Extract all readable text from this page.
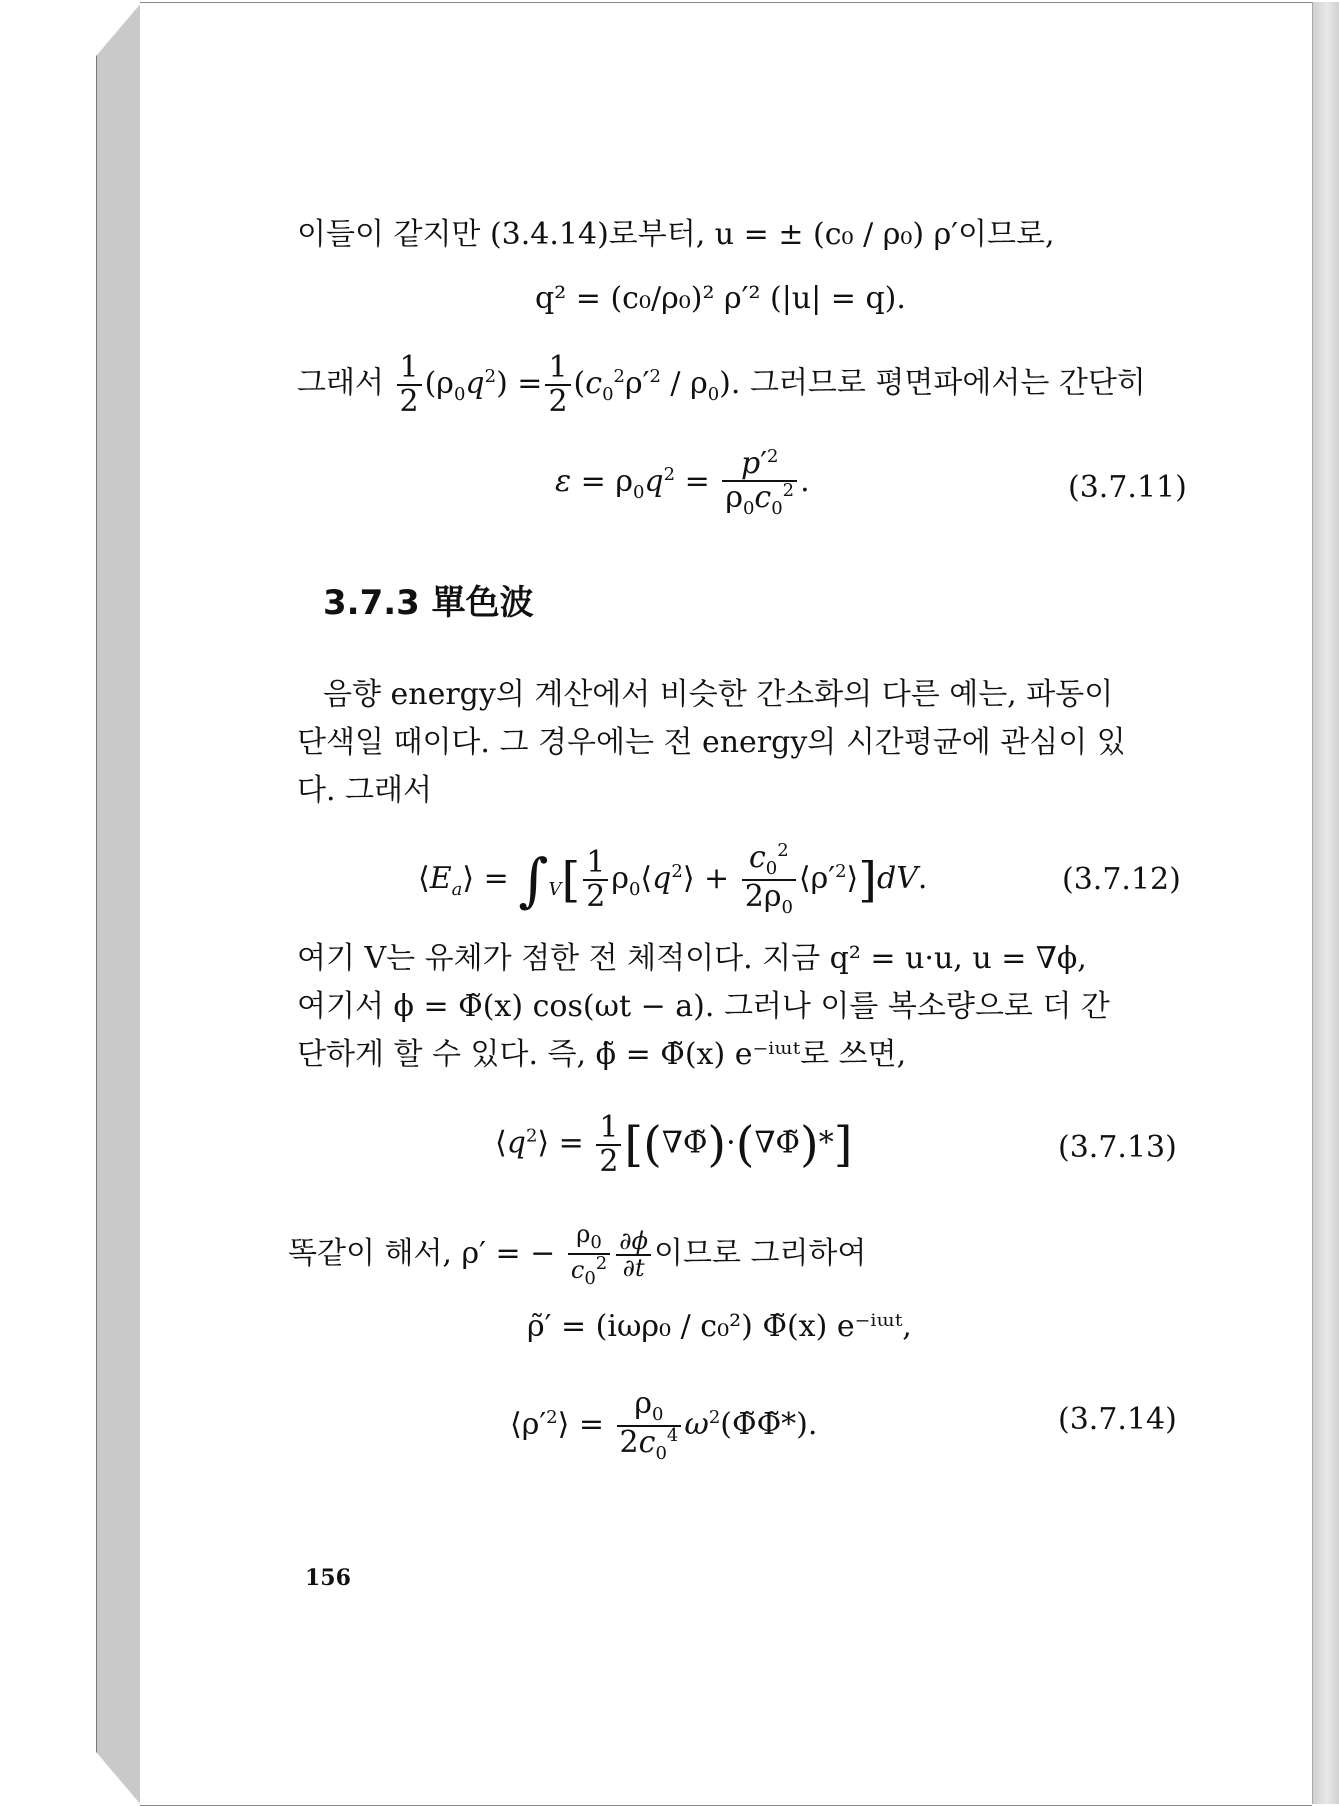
이들이 같지만 (3.4.14)로부터, u = ± (c₀ / ρ₀) ρ′이므로,
q² = (c₀/ρ₀)² ρ′² (|u| = q).
그래서 $\frac{1}{2} (\rho_0q^2) = \frac{1}{2} (c_0^2\rho'^2 / \rho_0)$. 그러므로 평면파에서는 간단히
$\varepsilon = \rho_0q^2 = \frac{p'^2}{\rho_0c_0^2}$ .	(3.7.11)
3.7.3 單色波
음향 energy의 계산에서 비슷한 간소화의 다른 예는, 파동이
단색일 때이다. 그 경우에는 전 energy의 시간평균에 관심이 있
다. 그래서
$⟨E_a⟩ = \int_V[ \frac{1}{2}$ $\rho_0⟨q^2⟩ + \frac{c_0^2}{2\rho_0}$ $⟨\rho'^2⟩]dV$.	(3.7.12)
여기 V는 유체가 점한 전 체적이다. 지금 q² = u·u, u = ∇ϕ,
여기서 ϕ = Φ̃(x) cos(ωt − a). 그러나 이를 복소량으로 더 간
단하게 할 수 있다. 즉, ϕ̃ = Φ̃(x) e⁻ⁱᵚᵗ로 쓰면,
$⟨q^2⟩ = \frac{1}{2}$ [(∇Φ̃)·(∇Φ̃)*]	(3.7.13)
똑같이 해서, ρ′ = − $\frac{\rho_0}{c_0^2} \frac{\partial\phi}{\partial t}$ 이므로 그리하여
ρ̃′ = (iωρ₀ / c₀²) Φ̃(x) e⁻ⁱᵚᵗ,
$⟨\rho'^2⟩ = \frac{\rho_0}{2c_0^4}$ $\omega^2(\Phĩ\Phĩ*)$.	(3.7.14)
156
